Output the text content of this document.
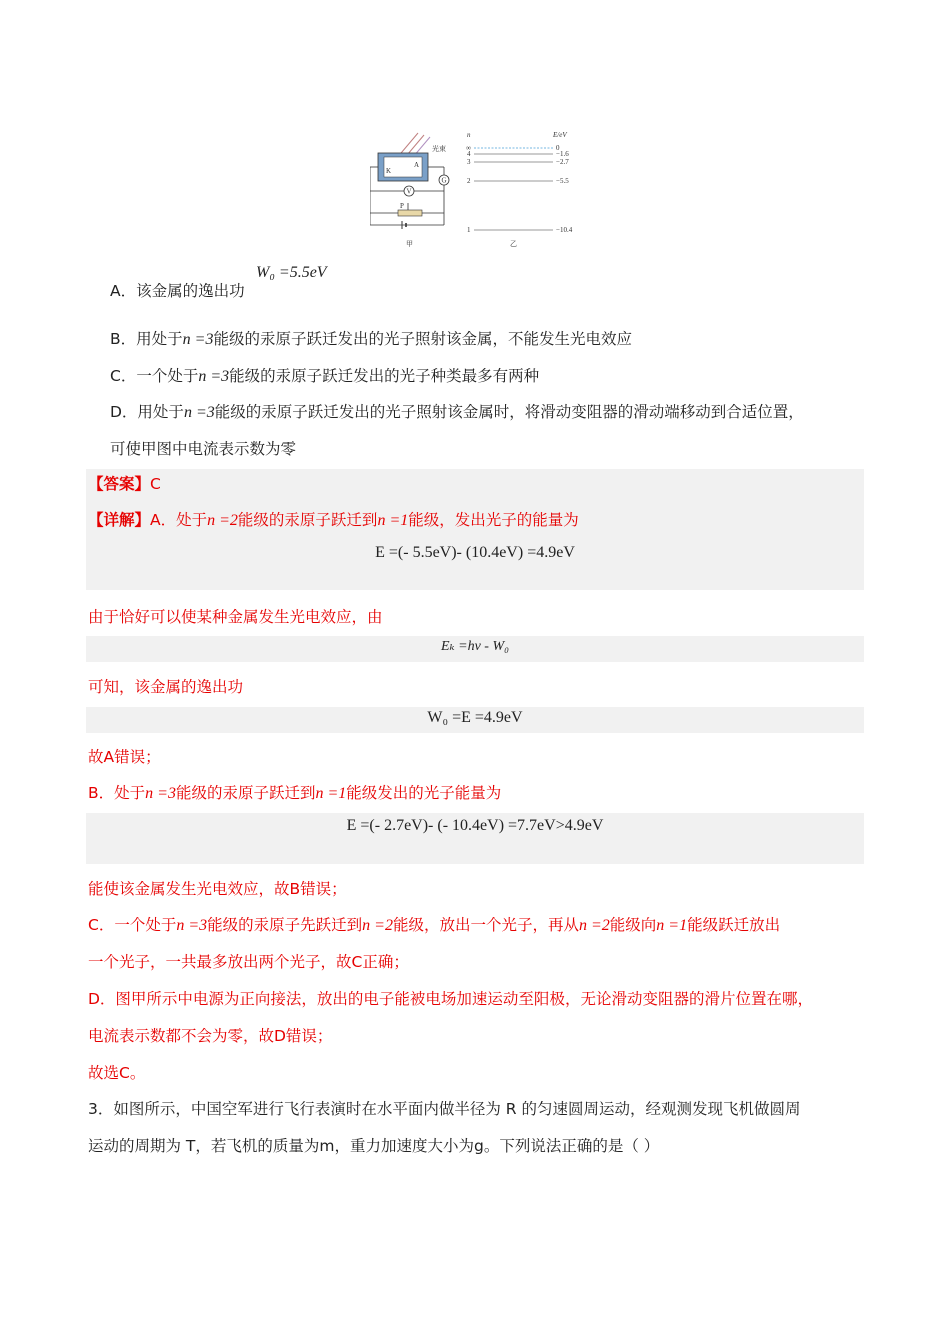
K
A
光束
G
V
P
甲
n	E/eV
∞	0
4	−1.6
3	−2.7
2	−5.5
1	−10.4
乙
A．该金属的逸出功
W₀ =5.5eV
B．用处于n =3能级的汞原子跃迁发出的光子照射该金属，不能发生光电效应
C．一个处于n =3能级的汞原子跃迁发出的光子种类最多有两种
D．用处于n =3能级的汞原子跃迁发出的光子照射该金属时，将滑动变阻器的滑动端移动到合适位置，
可使甲图中电流表示数为零
【答案】C
【详解】A．处于n =2能级的汞原子跃迁到n =1能级，发出光子的能量为
E =(- 5.5eV)- (10.4eV) =4.9eV
由于恰好可以使某种金属发生光电效应，由
Eₖ =hν - W₀
可知，该金属的逸出功
W₀ =E =4.9eV
故A错误；
B．处于n =3能级的汞原子跃迁到n =1能级发出的光子能量为
E =(- 2.7eV)- (- 10.4eV) =7.7eV>4.9eV
能使该金属发生光电效应，故B错误；
C．一个处于n =3能级的汞原子先跃迁到n =2能级，放出一个光子，再从n =2能级向n =1能级跃迁放出
一个光子，一共最多放出两个光子，故C正确；
D．图甲所示中电源为正向接法，放出的电子能被电场加速运动至阳极，无论滑动变阻器的滑片位置在哪，
电流表示数都不会为零，故D错误；
故选C。
3．如图所示，中国空军进行飞行表演时在水平面内做半径为 R 的匀速圆周运动，经观测发现飞机做圆周
运动的周期为 T，若飞机的质量为m，重力加速度大小为g。下列说法正确的是（ ）
